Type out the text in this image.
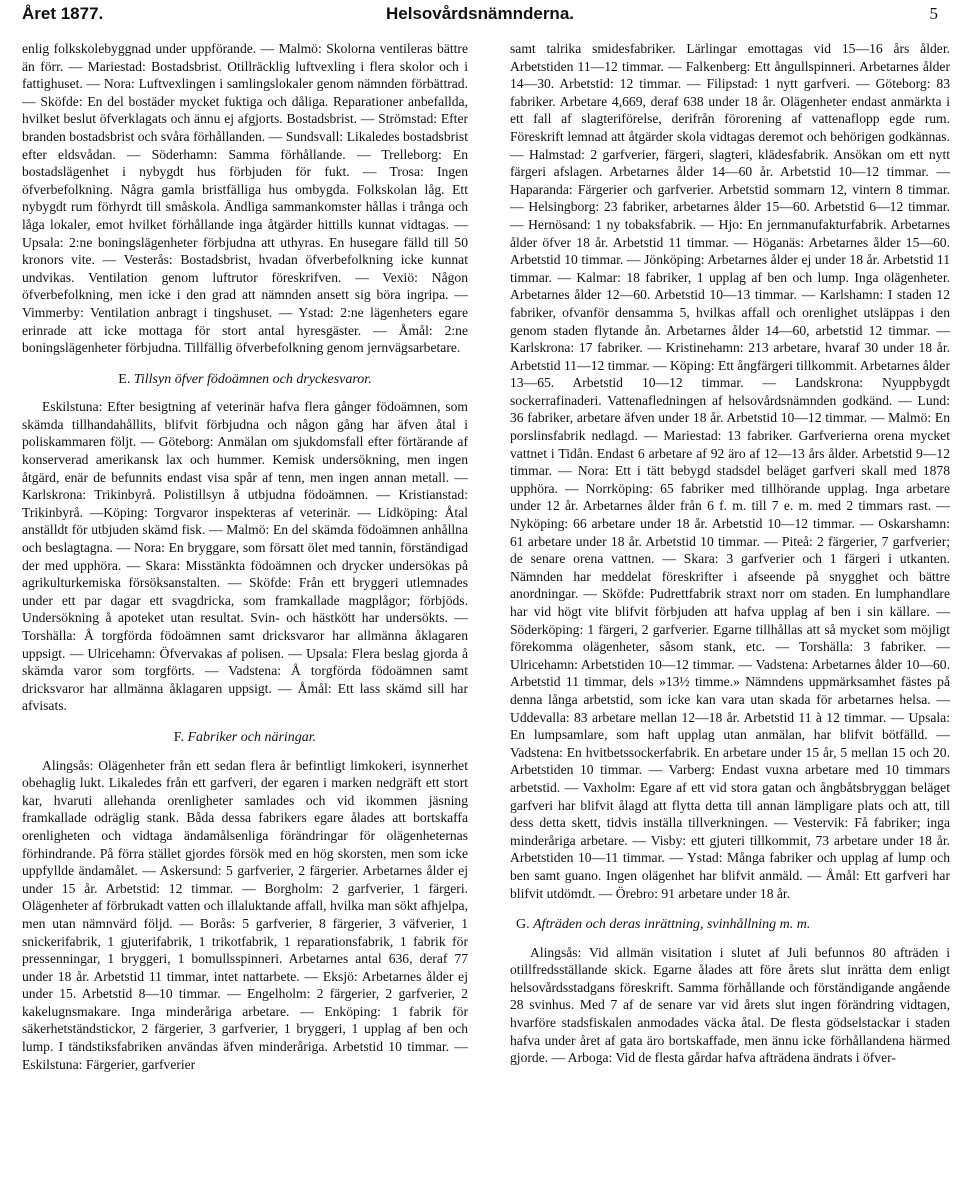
Året 1877.	Helsovårdsnämnderna.	5

enlig folkskolebyggnad under uppförande. — Malmö: Skolorna ventileras bättre än förr. — Mariestad: Bostadsbrist. Otillräcklig luftvexling i flera skolor och i fattighuset. — Nora: Luftvexlingen i samlingslokaler genom nämnden förbättrad. — Sköfde: En del bostäder mycket fuktiga och dåliga. Reparationer anbefallda, hvilket beslut öfverklagats och ännu ej afgjorts. Bostadsbrist. — Strömstad: Efter branden bostadsbrist och svåra förhållanden. — Sundsvall: Likaledes bostadsbrist efter eldsvådan. — Söderhamn: Samma förhållande. — Trelleborg: En bostadslägenhet i nybygdt hus förbjuden för fukt. — Trosa: Ingen öfverbefolkning. Några gamla bristfälliga hus ombygda. Folkskolan låg. Ett nybygdt rum förhyrdt till småskola. Ändliga sammankomster hållas i trånga och låga lokaler, emot hvilket förhållande inga åtgärder hittills kunnat vidtagas. — Upsala: 2:ne boningslägenheter förbjudna att uthyras. En husegare fälld till 50 kronors vite. — Vesterås: Bostadsbrist, hvadan öfverbefolkning icke kunnat undvikas. Ventilation genom luftrutor föreskrifven. — Vexiö: Någon öfverbefolkning, men icke i den grad att nämnden ansett sig böra ingripa. — Vimmerby: Ventilation anbragt i tingshuset. — Ystad: 2:ne lägenheters egare erinrade att icke mottaga för stort antal hyresgäster. — Åmål: 2:ne boningslägenheter förbjudna. Tillfällig öfverbefolkning genom jernvägsarbetare.

E. Tillsyn öfver födoämnen och dryckesvaror.

Eskilstuna: Efter besigtning af veterinär hafva flera gånger födoämnen, som skämda tillhandahållits, blifvit förbjudna och någon gång har äfven åtal i poliskammaren följt. — Göteborg: Anmälan om sjukdomsfall efter förtärande af konserverad amerikansk lax och hummer. Kemisk undersökning, men ingen åtgärd, enär de befunnits endast visa spår af tenn, men ingen annan metall. — Karlskrona: Trikinbyrå. Polistillsyn å utbjudna födoämnen. — Kristianstad: Trikinbyrå. —Köping: Torgvaror inspekteras af veterinär. — Lidköping: Åtal anställdt för utbjuden skämd fisk. — Malmö: En del skämda födoämnen anhållna och beslagtagna. — Nora: En bryggare, som försatt ölet med tannin, förständigad der med upphöra. — Skara: Misstänkta födoämnen och drycker undersökas på agrikulturkemiska försöksanstalten. — Sköfde: Från ett bryggeri utlemnades under ett par dagar ett svagdricka, som framkallade magplågor; förbjöds. Undersökning å apoteket utan resultat. Svin- och hästkött har undersökts. — Torshälla: Å torgförda födoämnen samt dricksvaror har allmänna åklagaren uppsigt. — Ulricehamn: Öfvervakas af polisen. — Upsala: Flera beslag gjorda å skämda varor som torgförts. — Vadstena: Å torgförda födoämnen samt dricksvaror har allmänna åklagaren uppsigt. — Åmål: Ett lass skämd sill har afvisats.

F. Fabriker och näringar.

Alingsås: Olägenheter från ett sedan flera år befintligt limkokeri, isynnerhet obehaglig lukt. Likaledes från ett garfveri, der egaren i marken nedgräft ett stort kar, hvaruti allehanda orenligheter samlades och vid ikommen jäsning framkallade odräglig stank. Båda dessa fabrikers egare ålades att bortskaffa orenligheten och vidtaga ändamålsenliga förändringar för olägenheternas förhindrande. På förra stället gjordes försök med en hög skorsten, men som icke uppfyllde ändamålet. — Askersund: 5 garfverier, 2 färgerier. Arbetarnes ålder ej under 15 år. Arbetstid: 12 timmar. — Borgholm: 2 garfverier, 1 färgeri. Olägenheter af förbrukadt vatten och illaluktande affall, hvilka man sökt afhjelpa, men utan nämnvärd följd. — Borås: 5 garfverier, 8 färgerier, 3 väfverier, 1 snickerifabrik, 1 gjuterifabrik, 1 trikotfabrik, 1 reparationsfabrik, 1 fabrik för pressenningar, 1 bryggeri, 1 bomullsspinneri. Arbetarnes antal 636, deraf 77 under 18 år. Arbetstid 11 timmar, intet nattarbete. — Eksjö: Arbetarnes ålder ej under 15. Arbetstid 8—10 timmar. — Engelholm: 2 färgerier, 2 garfverier, 2 kakelugnsmakare. Inga minderåriga arbetare. — Enköping: 1 fabrik för säkerhetständstickor, 2 färgerier, 3 garfverier, 1 bryggeri, 1 upplag af ben och lump. I tändstiksfabriken användas äfven minderåriga. Arbetstid 10 timmar. — Eskilstuna: Färgerier, garfverier

samt talrika smidesfabriker. Lärlingar emottagas vid 15—16 års ålder. Arbetstiden 11—12 timmar. — Falkenberg: Ett ångullspinneri. Arbetarnes ålder 14—30. Arbetstid: 12 timmar. — Filipstad: 1 nytt garfveri. — Göteborg: 83 fabriker. Arbetare 4,669, deraf 638 under 18 år. Olägenheter endast anmärkta i ett fall af slagteriförelse, derifrån förorening af vattenaflopp egde rum. Föreskrift lemnad att åtgärder skola vidtagas deremot och behörigen godkännas. — Halmstad: 2 garfverier, färgeri, slagteri, klädesfabrik. Ansökan om ett nytt färgeri afslagen. Arbetarnes ålder 14—60 år. Arbetstid 10—12 timmar. — Haparanda: Färgerier och garfverier. Arbetstid sommarn 12, vintern 8 timmar. — Helsingborg: 23 fabriker, arbetarnes ålder 15—60. Arbetstid 6—12 timmar. — Hernösand: 1 ny tobaksfabrik. — Hjo: En jernmanufakturfabrik. Arbetarnes ålder öfver 18 år. Arbetstid 11 timmar. — Höganäs: Arbetarnes ålder 15—60. Arbetstid 10 timmar. — Jönköping: Arbetarnes ålder ej under 18 år. Arbetstid 11 timmar. — Kalmar: 18 fabriker, 1 upplag af ben och lump. Inga olägenheter. Arbetarnes ålder 12—60. Arbetstid 10—13 timmar. — Karlshamn: I staden 12 fabriker, ofvanför densamma 5, hvilkas affall och orenlighet utsläppas i den genom staden flytande ån. Arbetarnes ålder 14—60, arbetstid 12 timmar. — Karlskrona: 17 fabriker. — Kristinehamn: 213 arbetare, hvaraf 30 under 18 år. Arbetstid 11—12 timmar. — Köping: Ett ångfärgeri tillkommit. Arbetarnes ålder 13—65. Arbetstid 10—12 timmar. — Landskrona: Nyuppbygdt sockerrafinaderi. Vattenafledningen af helsovårdsnämnden godkänd. — Lund: 36 fabriker, arbetare äfven under 18 år. Arbetstid 10—12 timmar. — Malmö: En porslinsfabrik nedlagd. — Mariestad: 13 fabriker. Garfverierna orena mycket vattnet i Tidån. Endast 6 arbetare af 92 äro af 12—13 års ålder. Arbetstid 9—12 timmar. — Nora: Ett i tätt bebygd stadsdel beläget garfveri skall med 1878 upphöra. — Norrköping: 65 fabriker med tillhörande upplag. Inga arbetare under 12 år. Arbetarnes ålder från 6 f. m. till 7 e. m. med 2 timmars rast. — Nyköping: 66 arbetare under 18 år. Arbetstid 10—12 timmar. — Oskarshamn: 61 arbetare under 18 år. Arbetstid 10 timmar. — Piteå: 2 färgerier, 7 garfverier; de senare orena vattnen. — Skara: 3 garfverier och 1 färgeri i utkanten. Nämnden har meddelat föreskrifter i afseende på snygghet och bättre anordningar. — Sköfde: Pudrettfabrik straxt norr om staden. En lumphandlare har vid högt vite blifvit förbjuden att hafva upplag af ben i sin källare. — Söderköping: 1 färgeri, 2 garfverier. Egarne tillhållas att så mycket som möjligt förekomma olägenheter, såsom stank, etc. — Torshälla: 3 fabriker. — Ulricehamn: Arbetstiden 10—12 timmar. — Vadstena: Arbetarnes ålder 10—60. Arbetstid 11 timmar, dels »13½ timme.» Nämndens uppmärksamhet fästes på denna långa arbetstid, som icke kan vara utan skada för arbetarnes helsa. — Uddevalla: 83 arbetare mellan 12—18 år. Arbetstid 11 à 12 timmar. — Upsala: En lumpsamlare, som haft upplag utan anmälan, har blifvit bötfälld. — Vadstena: En hvitbetssockerfabrik. En arbetare under 15 år, 5 mellan 15 och 20. Arbetstiden 10 timmar. — Varberg: Endast vuxna arbetare med 10 timmars arbetstid. — Vaxholm: Egare af ett vid stora gatan och ångbåtsbryggan beläget garfveri har blifvit ålagd att flytta detta till annan lämpligare plats och att, till dess detta skett, tidvis inställa tillverkningen. — Vestervik: Få fabriker; inga minderåriga arbetare. — Visby: ett gjuteri tillkommit, 73 arbetare under 18 år. Arbetstiden 10—11 timmar. — Ystad: Många fabriker och upplag af lump och ben samt guano. Ingen olägenhet har blifvit anmäld. — Åmål: Ett garfveri har blifvit utdömdt. — Örebro: 91 arbetare under 18 år.

G. Afträden och deras inrättning, svinhållning m. m.

Alingsås: Vid allmän visitation i slutet af Juli befunnos 80 afträden i otillfredsställande skick. Egarne ålades att före årets slut inrätta dem enligt helsovårdsstadgans föreskrift. Samma förhållande och förständigande angående 28 svinhus. Med 7 af de senare var vid årets slut ingen förändring vidtagen, hvarföre stadsfiskalen anmodades väcka åtal. De flesta gödselstackar i staden hafva under året af gata äro bortskaffade, men ännu icke förhållandena härmed gjorde. — Arboga: Vid de flesta gårdar hafva afträdena ändrats i öfver-
